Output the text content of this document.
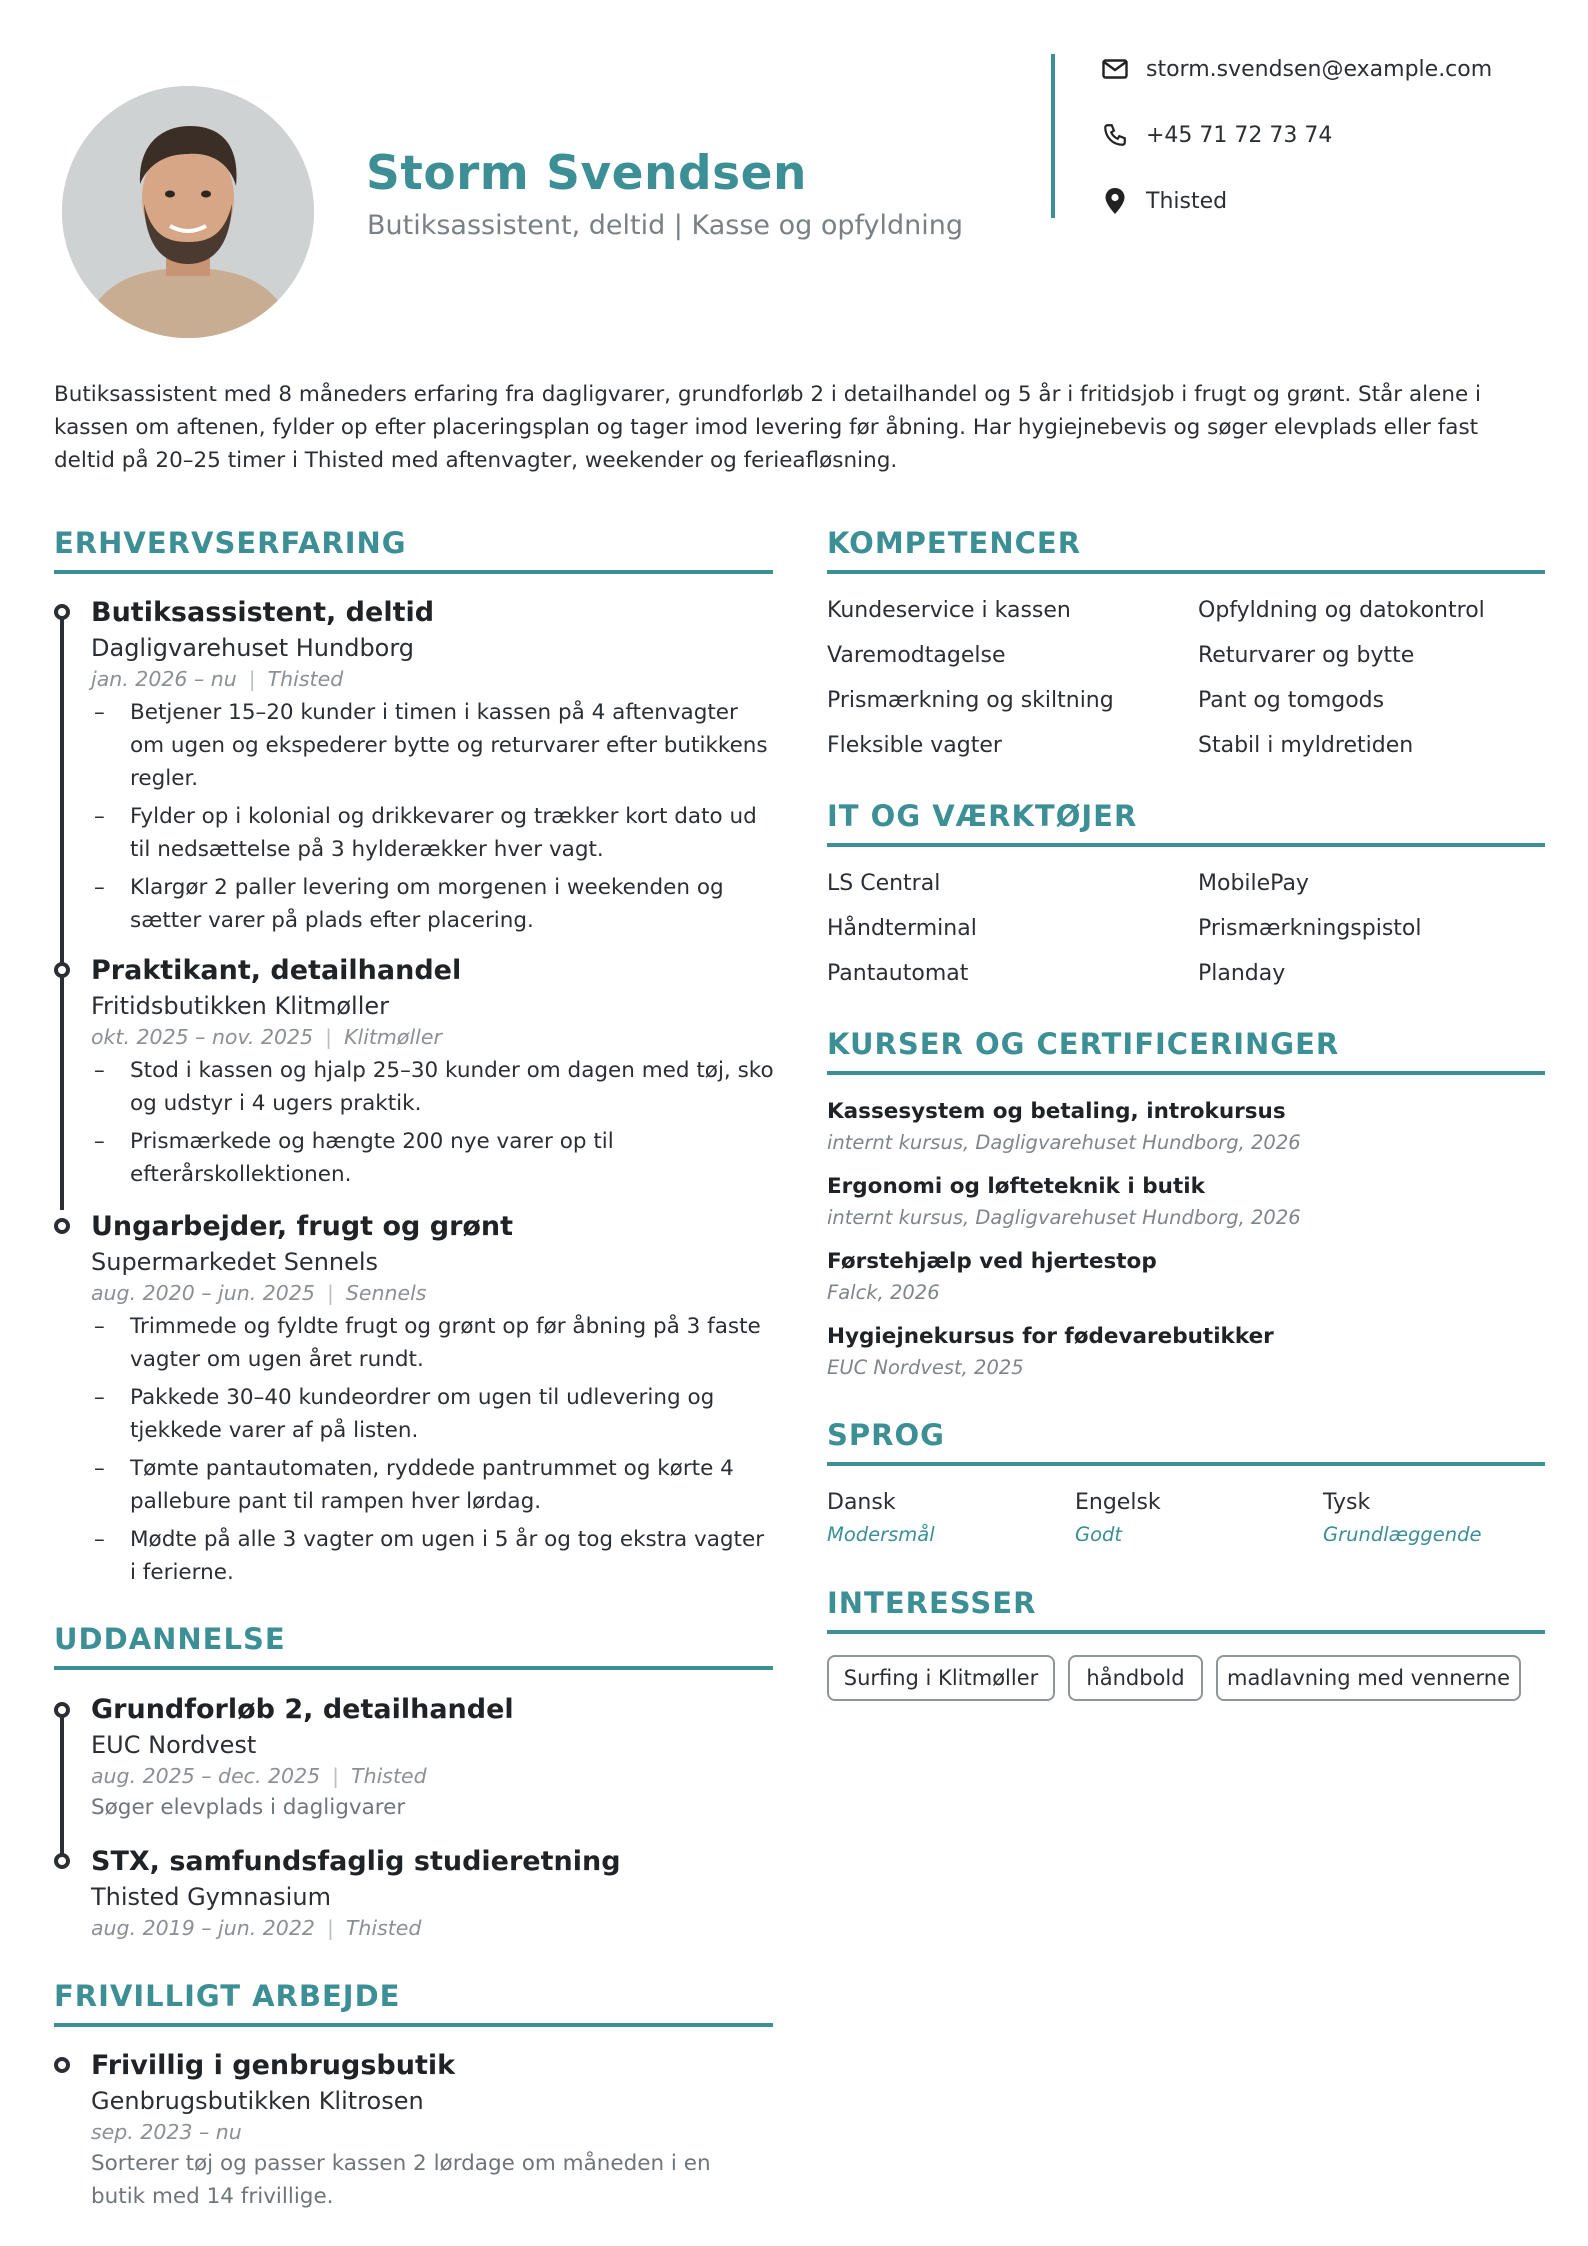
Storm Svendsen
Butiksassistent, deltid | Kasse og opfyldning
storm.svendsen@example.com
+45 71 72 73 74
Thisted
Butiksassistent med 8 måneders erfaring fra dagligvarer, grundforløb 2 i detailhandel og 5 år i fritidsjob i frugt og grønt. Står alene i kassen om aftenen, fylder op efter placeringsplan og tager imod levering før åbning. Har hygiejnebevis og søger elevplads eller fast deltid på 20–25 timer i Thisted med aftenvagter, weekender og ferieafløsning.
ERHVERVSERFARING
Butiksassistent, deltid
Dagligvarehuset Hundborg
jan. 2026 – nu | Thisted
– Betjener 15–20 kunder i timen i kassen på 4 aftenvagter om ugen og ekspederer bytte og returvarer efter butikkens regler.
– Fylder op i kolonial og drikkevarer og trækker kort dato ud til nedsættelse på 3 hylderækker hver vagt.
– Klargør 2 paller levering om morgenen i weekenden og sætter varer på plads efter placering.
Praktikant, detailhandel
Fritidsbutikken Klitmøller
okt. 2025 – nov. 2025 | Klitmøller
– Stod i kassen og hjalp 25–30 kunder om dagen med tøj, sko og udstyr i 4 ugers praktik.
– Prismærkede og hængte 200 nye varer op til efterårskollektionen.
Ungarbejder, frugt og grønt
Supermarkedet Sennels
aug. 2020 – jun. 2025 | Sennels
– Trimmede og fyldte frugt og grønt op før åbning på 3 faste vagter om ugen året rundt.
– Pakkede 30–40 kundeordrer om ugen til udlevering og tjekkede varer af på listen.
– Tømte pantautomaten, ryddede pantrummet og kørte 4 pallebure pant til rampen hver lørdag.
– Mødte på alle 3 vagter om ugen i 5 år og tog ekstra vagter i ferierne.
UDDANNELSE
Grundforløb 2, detailhandel
EUC Nordvest
aug. 2025 – dec. 2025 | Thisted
Søger elevplads i dagligvarer
STX, samfundsfaglig studieretning
Thisted Gymnasium
aug. 2019 – jun. 2022 | Thisted
FRIVILLIGT ARBEJDE
Frivillig i genbrugsbutik
Genbrugsbutikken Klitrosen
sep. 2023 – nu
Sorterer tøj og passer kassen 2 lørdage om måneden i en butik med 14 frivillige.
KOMPETENCER
Kundeservice i kassen	Opfyldning og datokontrol
Varemodtagelse	Returvarer og bytte
Prismærkning og skiltning	Pant og tomgods
Fleksible vagter	Stabil i myldretiden
IT OG VÆRKTØJER
LS Central	MobilePay
Håndterminal	Prismærkningspistol
Pantautomat	Planday
KURSER OG CERTIFICERINGER
Kassesystem og betaling, introkursus
internt kursus, Dagligvarehuset Hundborg, 2026
Ergonomi og løfteteknik i butik
internt kursus, Dagligvarehuset Hundborg, 2026
Førstehjælp ved hjertestop
Falck, 2026
Hygiejnekursus for fødevarebutikker
EUC Nordvest, 2025
SPROG
Dansk
Modersmål
Engelsk
Godt
Tysk
Grundlæggende
INTERESSER
Surfing i Klitmøller	håndbold	madlavning med vennerne
